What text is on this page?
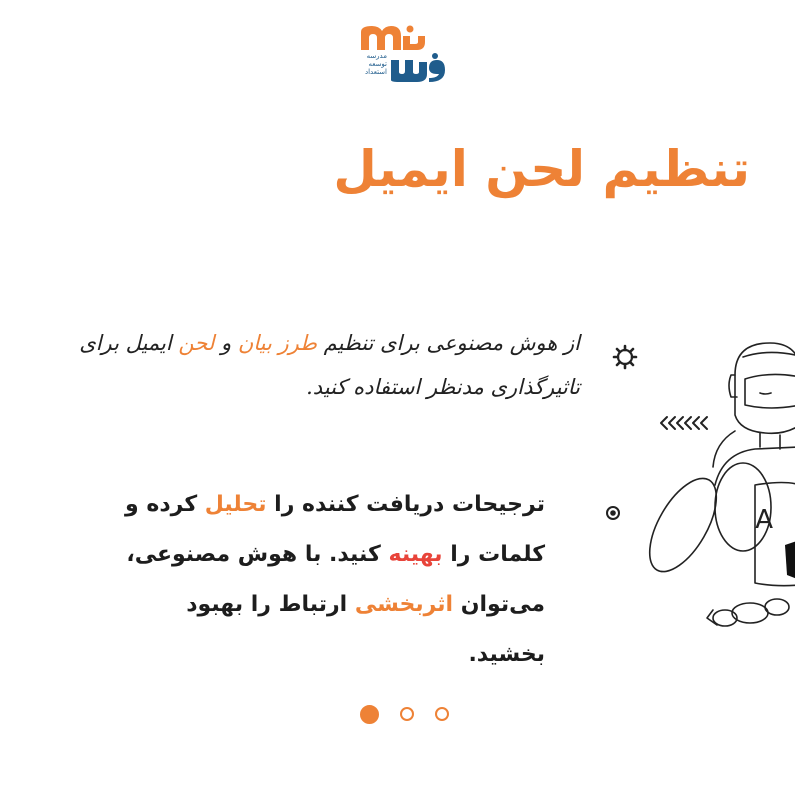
مدرسه
توسعه
استعداد
تنظیم لحن ایمیل

از هوش مصنوعی برای تنظیم طرز بیان و لحن ایمیل برای تاثیرگذاری مدنظر استفاده کنید.

ترجیحات دریافت کننده را تحلیل کرده و کلمات را بهینه کنید. با هوش مصنوعی، می‌توان اثربخشی ارتباط را بهبود بخشید.

A
